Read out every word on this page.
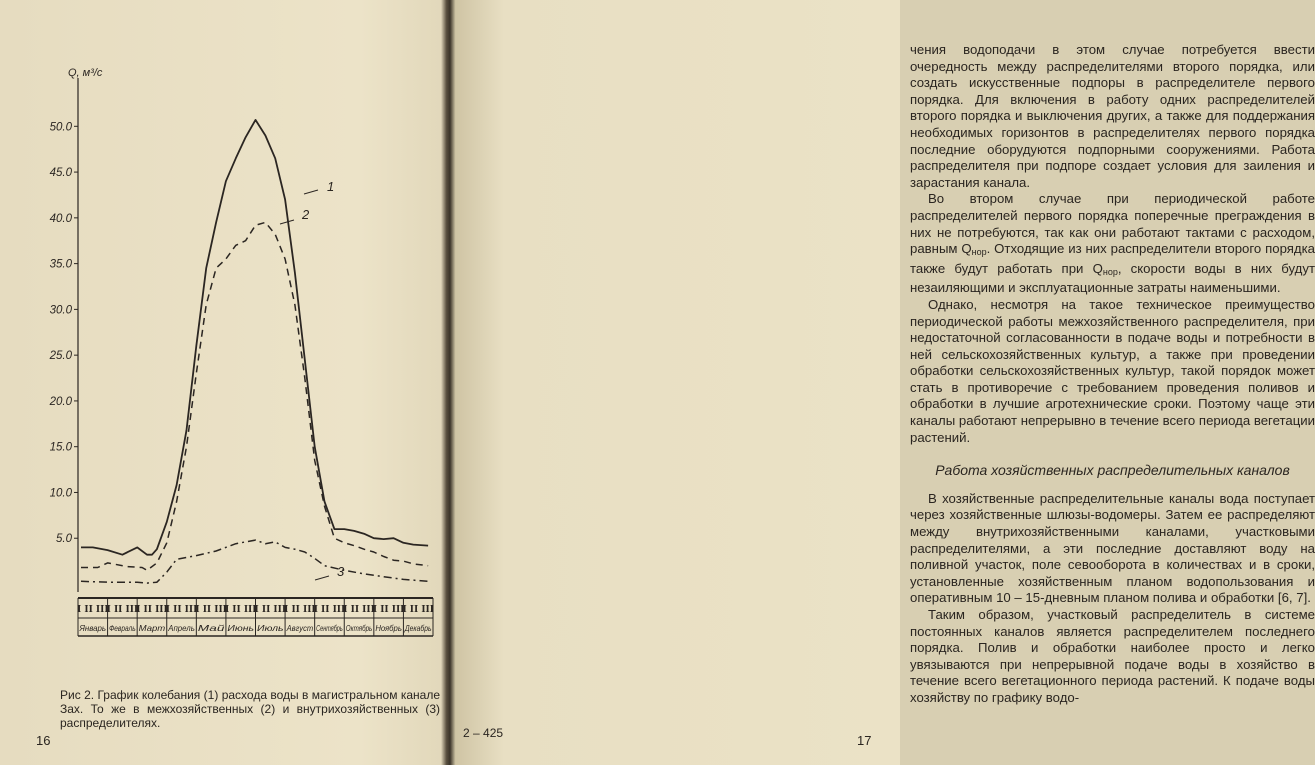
Q, м³/с
5.0
10.0
15.0
20.0
25.0
30.0
35.0
40.0
45.0
50.0
I II III
Январь
I II III
Февраль
I II III
Март
I II III
Апрель
I II III
Май
I II III
Июнь
I II III
Июль
I II III
Август
I II III
Сентябрь
I II III
Октябрь
I II III
Ноябрь
I II III
Декабрь
1
2
3

Рис 2. График колебания (1) расхода воды в магистральном канале Зах. То же в межхозяйственных (2) и внутрихозяйственных (3) распределителях.

16

чения водоподачи в этом случае потребуется ввести очередность между распределителями второго порядка, или создать искусственные подпоры в распределителе первого порядка. Для включения в работу одних распределителей второго порядка и выключения других, а также для поддержания необходимых горизонтов в распределителях первого порядка последние оборудуются подпорными сооружениями. Работа распределителя при подпоре создает условия для заиления и зарастания канала.

Во втором случае при периодической работе распределителей первого порядка поперечные преграждения в них не потребуются, так как они работают тактами с расходом, равным $Q_{нор}$. Отходящие из них распределители второго порядка также будут работать при $Q_{нор}$, скорости воды в них будут незаиляющими и эксплуатационные затраты наименьшими.

Однако, несмотря на такое техническое преимущество периодической работы межхозяйственного распределителя, при недостаточной согласованности в подаче воды и потребности в ней сельскохозяйственных культур, а также при проведении обработки сельскохозяйственных культур, такой порядок может стать в противоречие с требованием проведения поливов и обработки в лучшие агротехнические сроки. Поэтому чаще эти каналы работают непрерывно в течение всего периода вегетации растений.

Работа хозяйственных распределительных каналов

В хозяйственные распределительные каналы вода поступает через хозяйственные шлюзы-водомеры. Затем ее распределяют между внутрихозяйственными каналами, участковыми распределителями, а эти последние доставляют воду на поливной участок, поле севооборота в количествах и в сроки, установленные хозяйственным планом водопользования и оперативным 10 – 15-дневным планом полива и обработки [6, 7].

Таким образом, участковый распределитель в системе постоянных каналов является распределителем последнего порядка. Полив и обработки наиболее просто и легко увязываются при непрерывной подаче воды в хозяйство в течение всего вегетационного периода растений. К подаче воды хозяйству по графику водо-

2 – 425	17
